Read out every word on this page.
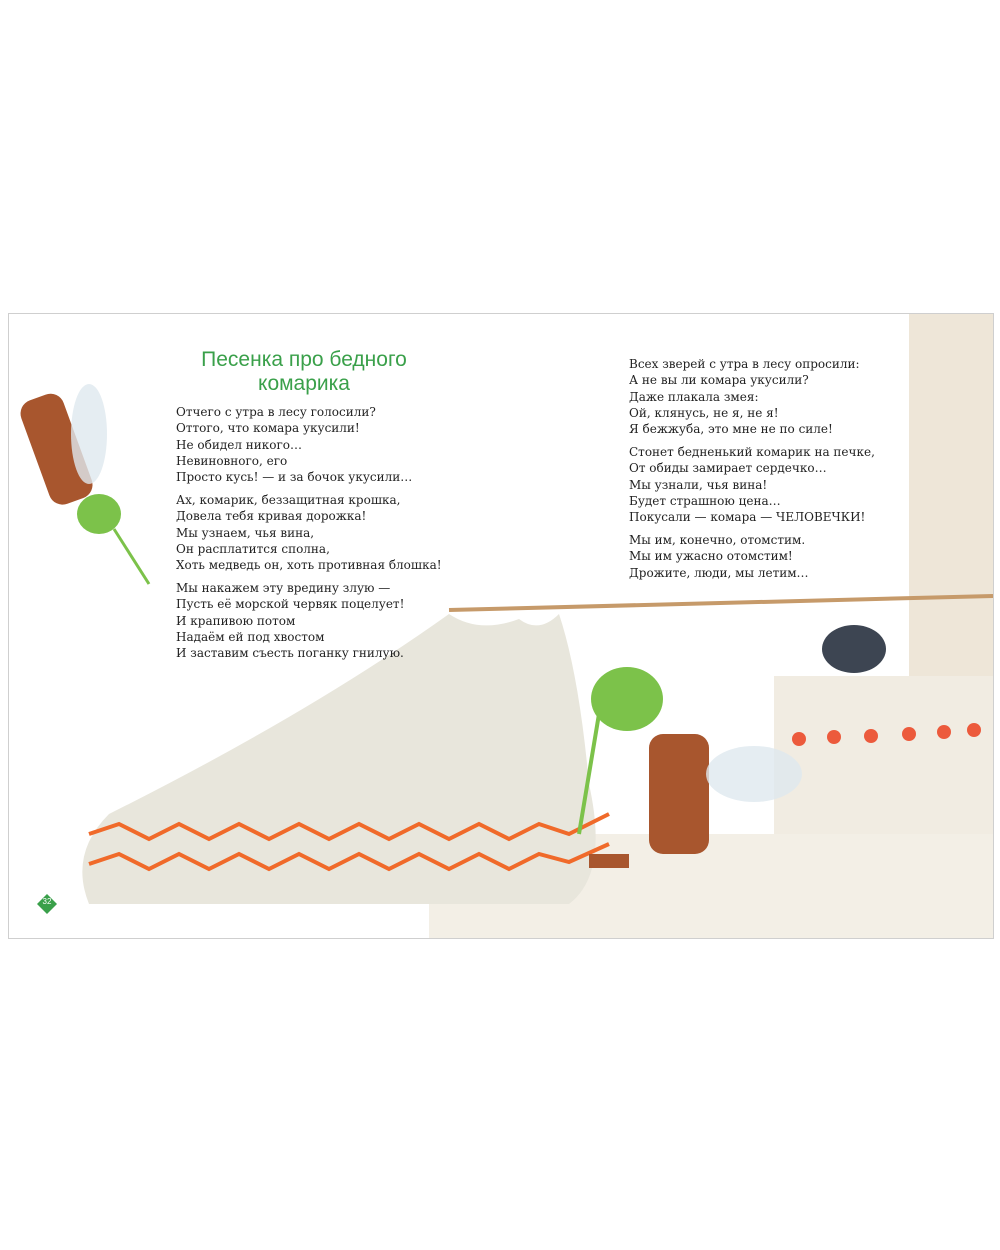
Песенка про бедного комарика
Отчего с утра в лесу голосили?
Оттого, что комара укусили!
Не обидел никого…
Невиновного, его
Просто кусь! — и за бочок укусили…
Ах, комарик, беззащитная крошка,
Довела тебя кривая дорожка!
Мы узнаем, чья вина,
Он расплатится сполна,
Хоть медведь он, хоть противная блошка!
Мы накажем эту вредину злую —
Пусть её морской червяк поцелует!
И крапивою потом
Надаём ей под хвостом
И заставим съесть поганку гнилую.
Всех зверей с утра в лесу опросили:
А не вы ли комара укусили?
Даже плакала змея:
Ой, клянусь, не я, не я!
Я бежжуба, это мне не по силе!
Стонет бедненький комарик на печке,
От обиды замирает сердечко…
Мы узнали, чья вина!
Будет страшною цена…
Покусали — комара — ЧЕЛОВЕЧКИ!
Мы им, конечно, отомстим.
Мы им ужасно отомстим!
Дрожите, люди, мы летим…
32
